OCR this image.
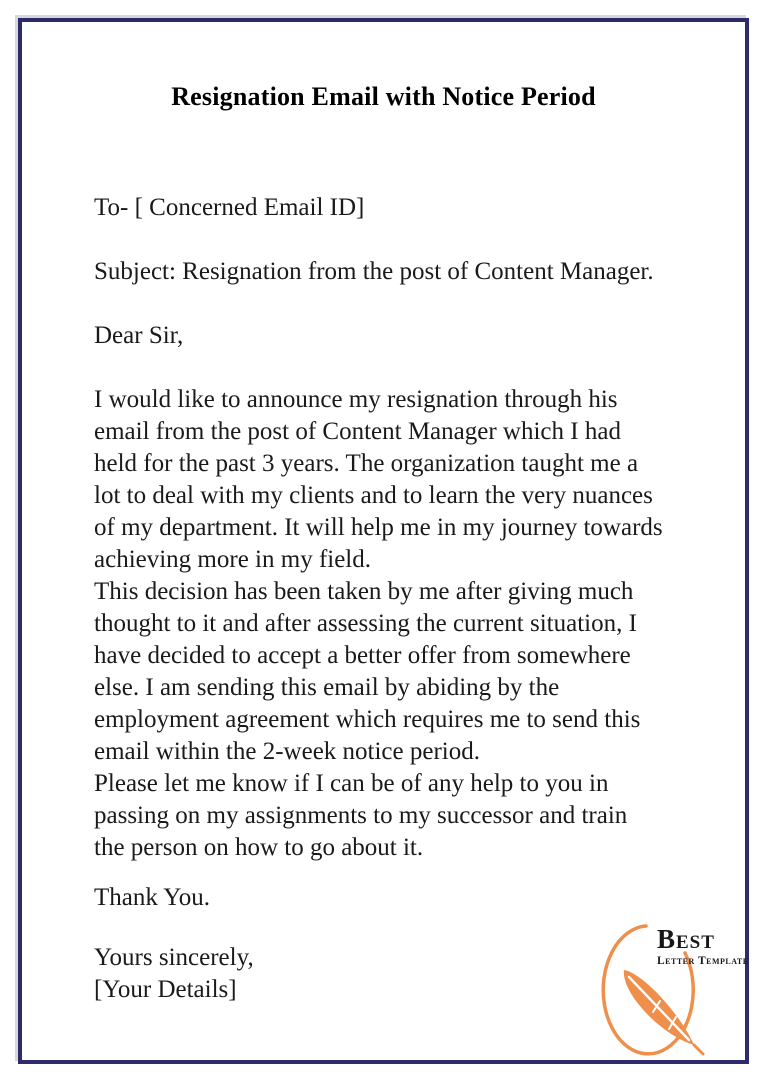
Resignation Email with Notice Period

To- [ Concerned Email ID]

Subject: Resignation from the post of Content Manager.

Dear Sir,

I would like to announce my resignation through his
email from the post of Content Manager which I had
held for the past 3 years. The organization taught me a
lot to deal with my clients and to learn the very nuances
of my department. It will help me in my journey towards
achieving more in my field.
This decision has been taken by me after giving much
thought to it and after assessing the current situation, I
have decided to accept a better offer from somewhere
else. I am sending this email by abiding by the
employment agreement which requires me to send this
email within the 2-week notice period.
Please let me know if I can be of any help to you in
passing on my assignments to my successor and train
the person on how to go about it.

Thank You.

Yours sincerely,

[Your Details]

Best
Letter Template
